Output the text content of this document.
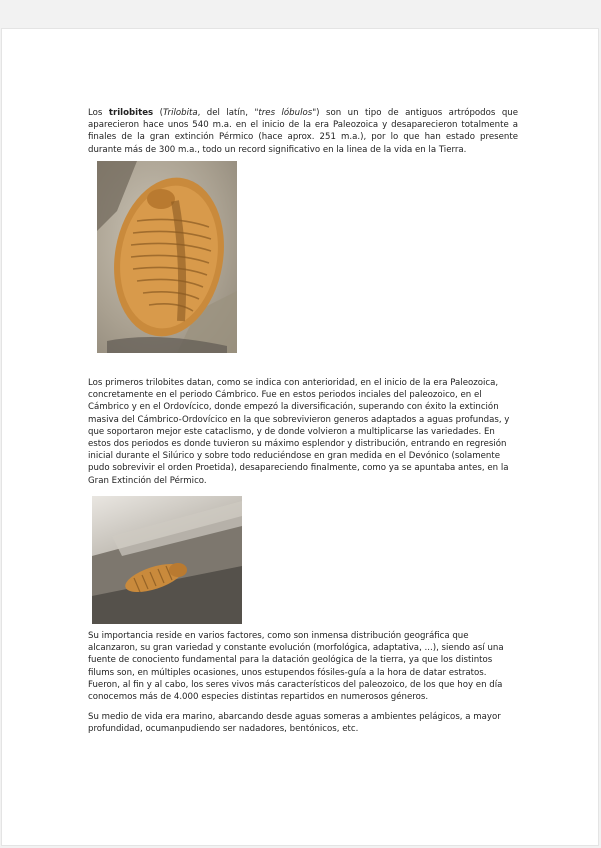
Los trilobites (Trilobita, del latín, "tres lóbulos") son un tipo de antiguos artrópodos que aparecieron hace unos 540 m.a. en el inicio de la era Paleozoica y desaparecieron totalmente a finales de la gran extinción Pérmico (hace aprox. 251 m.a.), por lo que han estado presente durante más de 300 m.a., todo un record significativo en la linea de la vida en la Tierra.

Los primeros trilobites datan, como se indica con anterioridad, en el inicio de la era Paleozoica, concretamente en el periodo Cámbrico. Fue en estos periodos inciales del paleozoico, en el Cámbrico y en el Ordovícico, donde empezó la diversificación, superando con éxito la extinción masiva del Cámbrico-Ordovícico en la que sobrevivieron generos adaptados a aguas profundas, y que soportaron mejor este cataclismo, y de donde volvieron a multiplicarse las variedades. En estos dos periodos es donde tuvieron su máximo esplendor y distribución, entrando en regresión inicial durante el Silúrico y sobre todo reduciéndose en gran medida en el Devónico (solamente pudo sobrevivir el orden Proetida), desapareciendo finalmente, como ya se apuntaba antes, en la Gran Extinción del Pérmico.

Su importancia reside en varios factores, como son inmensa distribución geográfica que alcanzaron, su gran variedad y constante evolución (morfológica, adaptativa, ...), siendo así una fuente de conociento fundamental para la datación geológica de la tierra, ya que los distintos filums son, en múltiples ocasiones, unos estupendos fósiles-guía a la hora de datar estratos. Fueron, al fin y al cabo, los seres vivos más característicos del paleozoico, de los que hoy en día conocemos más de 4.000 especies distintas repartidos en numerosos géneros.

Su medio de vida era marino, abarcando desde aguas someras a ambientes pelágicos, a mayor profundidad, ocumanpudiendo ser nadadores, bentónicos, etc.
